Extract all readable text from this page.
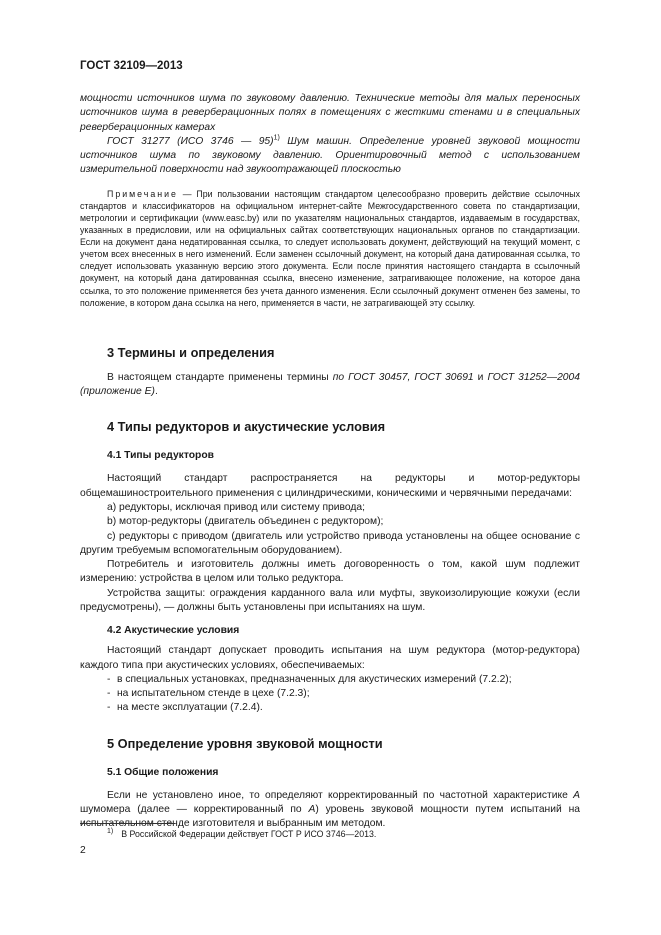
ГОСТ 32109—2013

мощности источников шума по звуковому давлению. Технические методы для малых переносных источников шума в реверберационных полях в помещениях с жесткими стенами и в специальных реверберационных камерах

ГОСТ 31277 (ИСО 3746 — 95)$^{1)}$ Шум машин. Определение уровней звуковой мощности источников шума по звуковому давлению. Ориентировочный метод с использованием измерительной поверхности над звукоотражающей плоскостью

Примечание — При пользовании настоящим стандартом целесообразно проверить действие ссылочных стандартов и классификаторов на официальном интернет-сайте Межгосударственного совета по стандартизации, метрологии и сертификации (www.easc.by) или по указателям национальных стандартов, издаваемым в государствах, указанных в предисловии, или на официальных сайтах соответствующих национальных органов по стандартизации. Если на документ дана недатированная ссылка, то следует использовать документ, действующий на текущий момент, с учетом всех внесенных в него изменений. Если заменен ссылочный документ, на который дана датированная ссылка, то следует использовать указанную версию этого документа. Если после принятия настоящего стандарта в ссылочный документ, на который дана датированная ссылка, внесено изменение, затрагивающее положение, на которое дана ссылка, то это положение применяется без учета данного изменения. Если ссылочный документ отменен без замены, то положение, в котором дана ссылка на него, применяется в части, не затрагивающей эту ссылку.

3 Термины и определения

В настоящем стандарте применены термины по ГОСТ 30457, ГОСТ 30691 и ГОСТ 31252—2004 (приложение Е).

4 Типы редукторов и акустические условия
4.1 Типы редукторов

Настоящий стандарт распространяется на редукторы и мотор-редукторы общемашиностроительного применения с цилиндрическими, коническими и червячными передачами:

a) редукторы, исключая привод или систему привода;

b) мотор-редукторы (двигатель объединен с редуктором);

c) редукторы с приводом (двигатель или устройство привода установлены на общее основание с другим требуемым вспомогательным оборудованием).

Потребитель и изготовитель должны иметь договоренность о том, какой шум подлежит измерению: устройства в целом или только редуктора.

Устройства защиты: ограждения карданного вала или муфты, звукоизолирующие кожухи (если предусмотрены), — должны быть установлены при испытаниях на шум.

4.2 Акустические условия

Настоящий стандарт допускает проводить испытания на шум редуктора (мотор-редуктора) каждого типа при акустических условиях, обеспечиваемых:

- в специальных установках, предназначенных для акустических измерений (7.2.2);

- на испытательном стенде в цехе (7.2.3);

- на месте эксплуатации (7.2.4).

5 Определение уровня звуковой мощности
5.1 Общие положения

Если не установлено иное, то определяют корректированный по частотной характеристике А шумомера (далее — корректированный по А) уровень звуковой мощности путем испытаний на испытательном стенде изготовителя и выбранным им методом.

$^{1)}$ В Российской Федерации действует ГОСТ Р ИСО 3746—2013.
2
